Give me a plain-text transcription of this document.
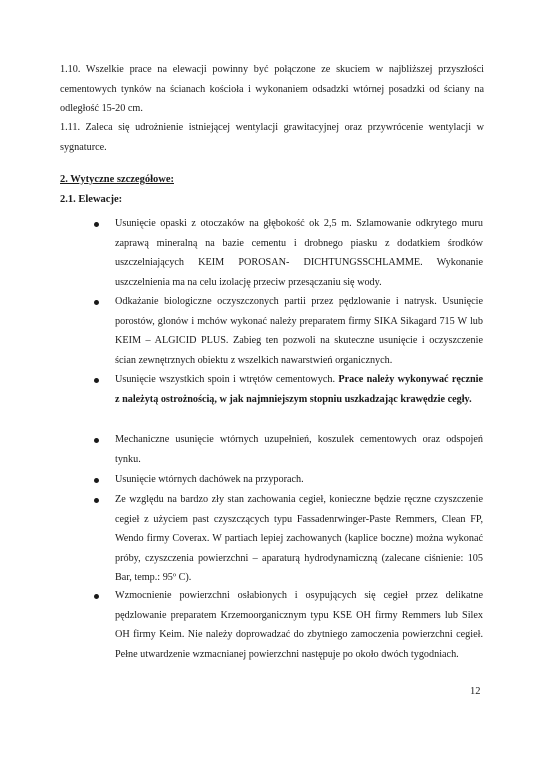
1.10. Wszelkie prace na elewacji powinny być połączone ze skuciem w najbliższej przyszłości cementowych tynków na ścianach kościoła i wykonaniem odsadzki wtórnej posadzki od ściany na odległość 15-20 cm.

1.11. Zaleca się udrożnienie istniejącej wentylacji grawitacyjnej oraz przywrócenie wentylacji w sygnaturce.

2. Wytyczne szczegółowe:
2.1. Elewacje:

Usunięcie opaski z otoczaków na głębokość ok 2,5 m. Szlamowanie odkrytego muru zaprawą mineralną na bazie cementu i drobnego piasku z dodatkiem środków uszczelniających KEIM POROSAN- DICHTUNGSSCHLAMME. Wykonanie uszczelnienia ma na celu izolację przeciw przesączaniu się wody.

Odkażanie biologiczne oczyszczonych partii przez pędzlowanie i natrysk. Usunięcie porostów, glonów i mchów wykonać należy preparatem firmy SIKA Sikagard 715 W lub KEIM – ALGICID PLUS. Zabieg ten pozwoli na skuteczne usunięcie i oczyszczenie ścian zewnętrznych obiektu z wszelkich nawarstwień organicznych.

Usunięcie wszystkich spoin i wtrętów cementowych. Prace należy wykonywać ręcznie z należytą ostrożnością, w jak najmniejszym stopniu uszkadzając krawędzie cegły.

Mechaniczne usunięcie wtórnych uzupełnień, koszulek cementowych oraz odspojeń tynku.

Usunięcie wtórnych dachówek na przyporach.

Ze względu na bardzo zły stan zachowania cegieł, konieczne będzie ręczne czyszczenie cegieł z użyciem past czyszczących typu Fassadenrwinger-Paste Remmers, Clean FP, Wendo firmy Coverax. W partiach lepiej zachowanych (kaplice boczne) można wykonać próby, czyszczenia powierzchni – aparaturą hydrodynamiczną (zalecane ciśnienie: 105 Bar, temp.: 95º C).

Wzmocnienie powierzchni osłabionych i osypujących się cegieł przez delikatne pędzlowanie preparatem Krzemoorganicznym typu KSE OH firmy Remmers lub Silex OH firmy Keim. Nie należy doprowadzać do zbytniego zamoczenia powierzchni cegieł. Pełne utwardzenie wzmacnianej powierzchni następuje po około dwóch tygodniach.

12
